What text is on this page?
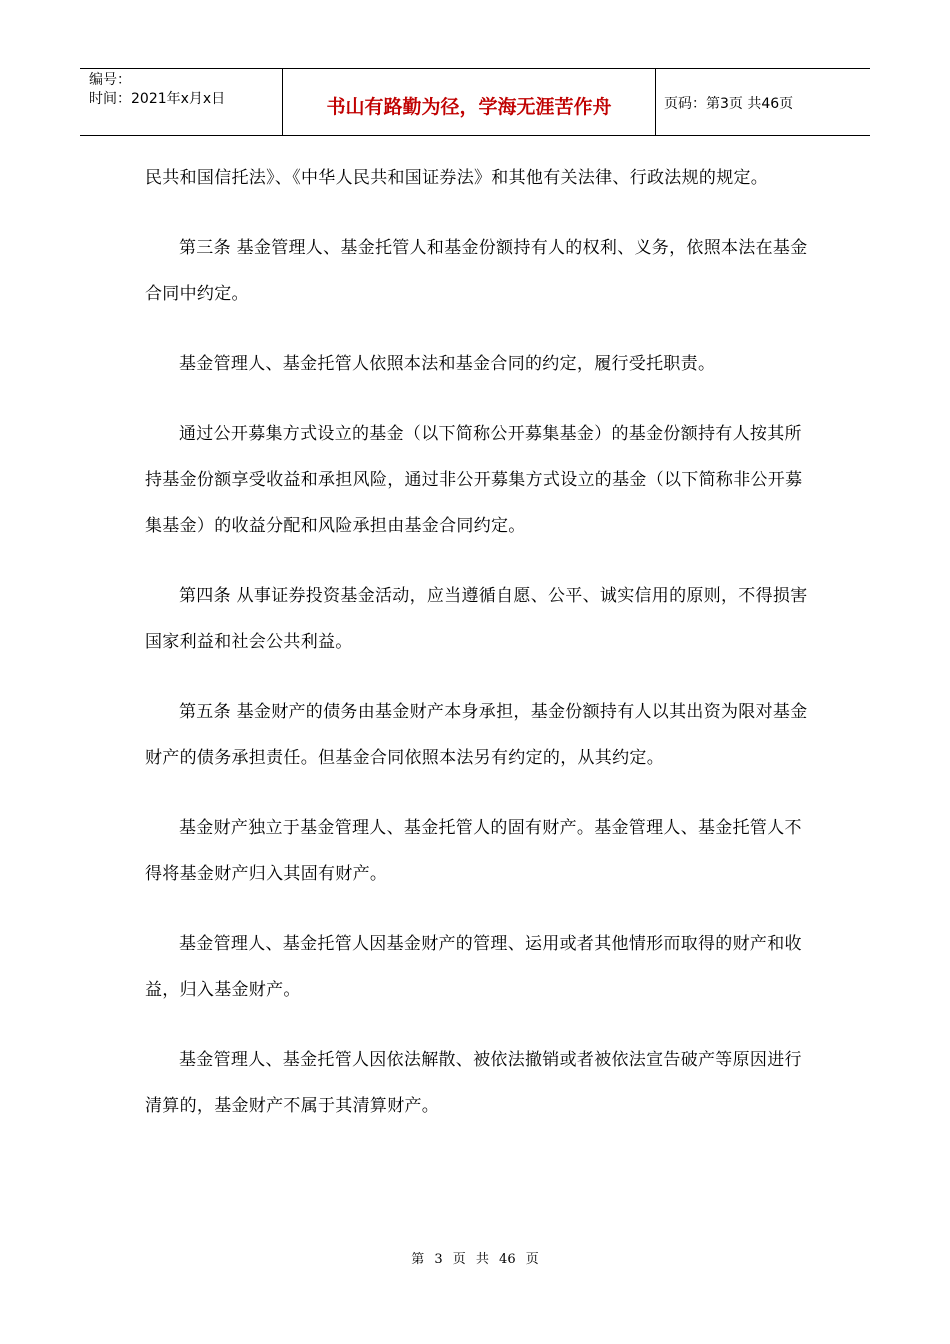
编号：
时间：2021年x月x日	书山有路勤为径，学海无涯苦作舟	页码：第3页 共46页

民共和国信托法》、《中华人民共和国证券法》和其他有关法律、行政法规的规定。

第三条 基金管理人、基金托管人和基金份额持有人的权利、义务，依照本法在基金合同中约定。

基金管理人、基金托管人依照本法和基金合同的约定，履行受托职责。

通过公开募集方式设立的基金（以下简称公开募集基金）的基金份额持有人按其所持基金份额享受收益和承担风险，通过非公开募集方式设立的基金（以下简称非公开募集基金）的收益分配和风险承担由基金合同约定。

第四条 从事证券投资基金活动，应当遵循自愿、公平、诚实信用的原则，不得损害国家利益和社会公共利益。

第五条 基金财产的债务由基金财产本身承担，基金份额持有人以其出资为限对基金财产的债务承担责任。但基金合同依照本法另有约定的，从其约定。

基金财产独立于基金管理人、基金托管人的固有财产。基金管理人、基金托管人不得将基金财产归入其固有财产。

基金管理人、基金托管人因基金财产的管理、运用或者其他情形而取得的财产和收益，归入基金财产。

基金管理人、基金托管人因依法解散、被依法撤销或者被依法宣告破产等原因进行清算的，基金财产不属于其清算财产。

第 3 页 共 46 页
